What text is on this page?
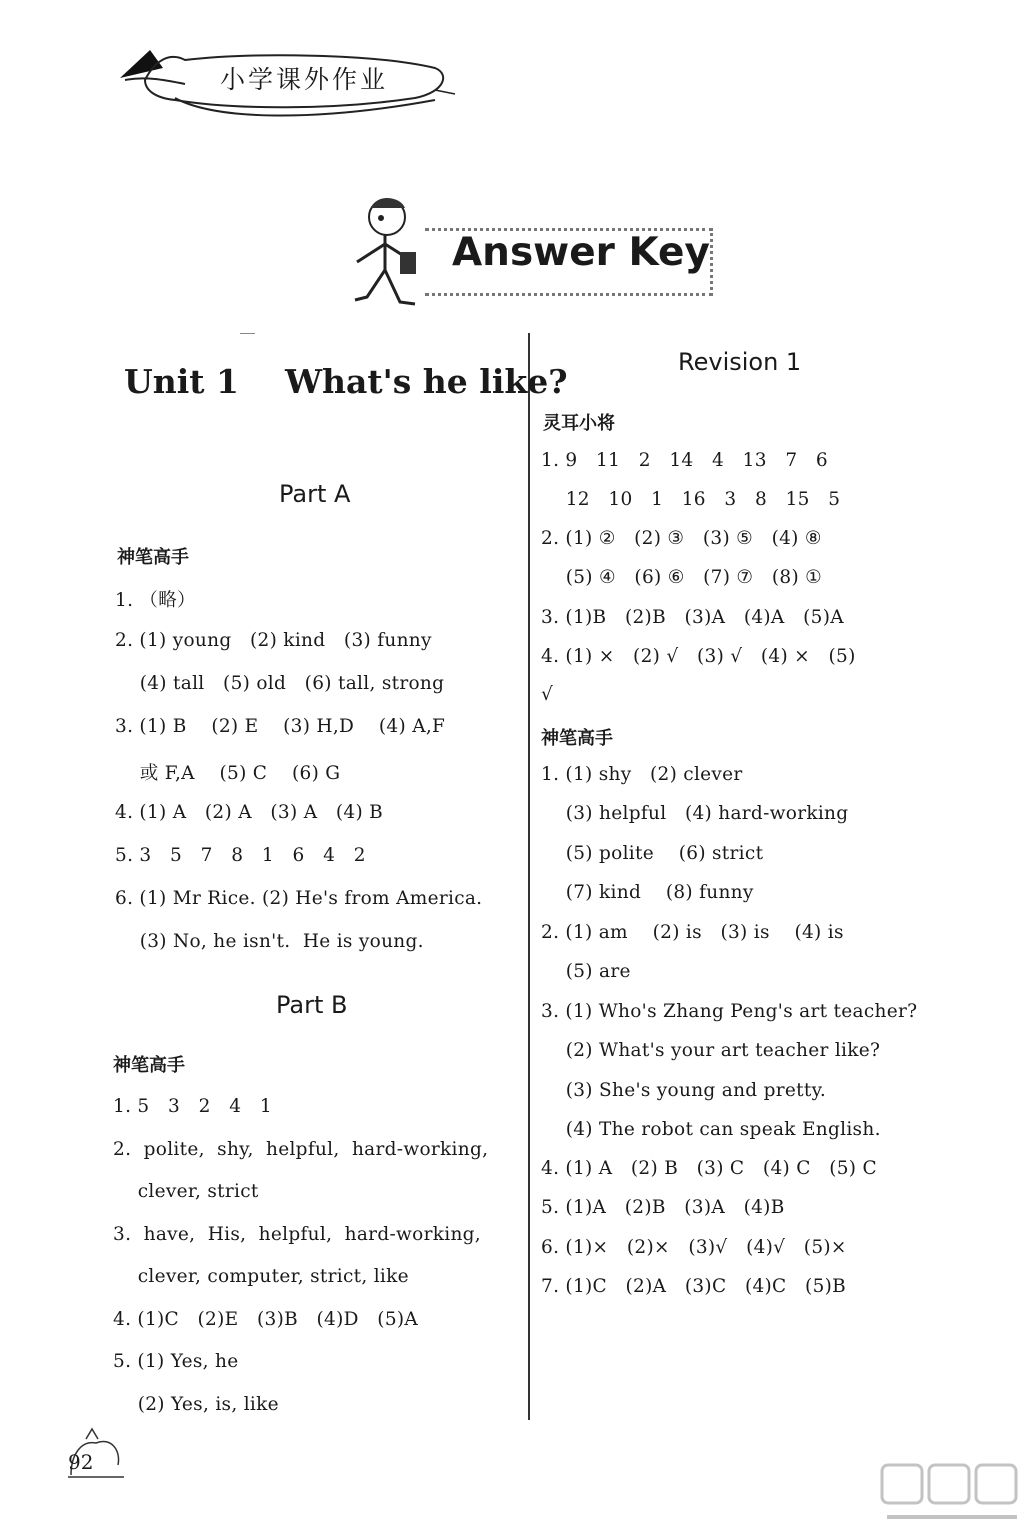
小学课外作业
Answer Key
Unit 1    What's he like?
Part A
神笔高手
1. （略）
2. (1) young   (2) kind   (3) funny
(4) tall   (5) old   (6) tall, strong
3. (1) B    (2) E    (3) H,D    (4) A,F
或 F,A    (5) C    (6) G
4. (1) A   (2) A   (3) A   (4) B
5. 3   5   7   8   1   6   4   2
6. (1) Mr Rice. (2) He's from America.
(3) No, he isn't.  He is young.
Part B
神笔高手
1. 5   3   2   4   1
2.  polite,  shy,  helpful,  hard-working,
clever, strict
3.  have,  His,  helpful,  hard-working,
clever, computer, strict, like
4. (1)C   (2)E   (3)B   (4)D   (5)A
5. (1) Yes, he
(2) Yes, is, like
Revision 1
灵耳小将
1. 9   11   2   14   4   13   7   6
12   10   1   16   3   8   15   5
2. (1) ②   (2) ③   (3) ⑤   (4) ⑧
(5) ④   (6) ⑥   (7) ⑦   (8) ①
3. (1)B   (2)B   (3)A   (4)A   (5)A
4. (1) ×   (2) √   (3) √   (4) ×   (5)
√
神笔高手
1. (1) shy   (2) clever
(3) helpful   (4) hard-working
(5) polite    (6) strict
(7) kind    (8) funny
2. (1) am    (2) is   (3) is    (4) is
(5) are
3. (1) Who's Zhang Peng's art teacher?
(2) What's your art teacher like?
(3) She's young and pretty.
(4) The robot can speak English.
4. (1) A   (2) B   (3) C   (4) C   (5) C
5. (1)A   (2)B   (3)A   (4)B
6. (1)×   (2)×   (3)√   (4)√   (5)×
7. (1)C   (2)A   (3)C   (4)C   (5)B
92
